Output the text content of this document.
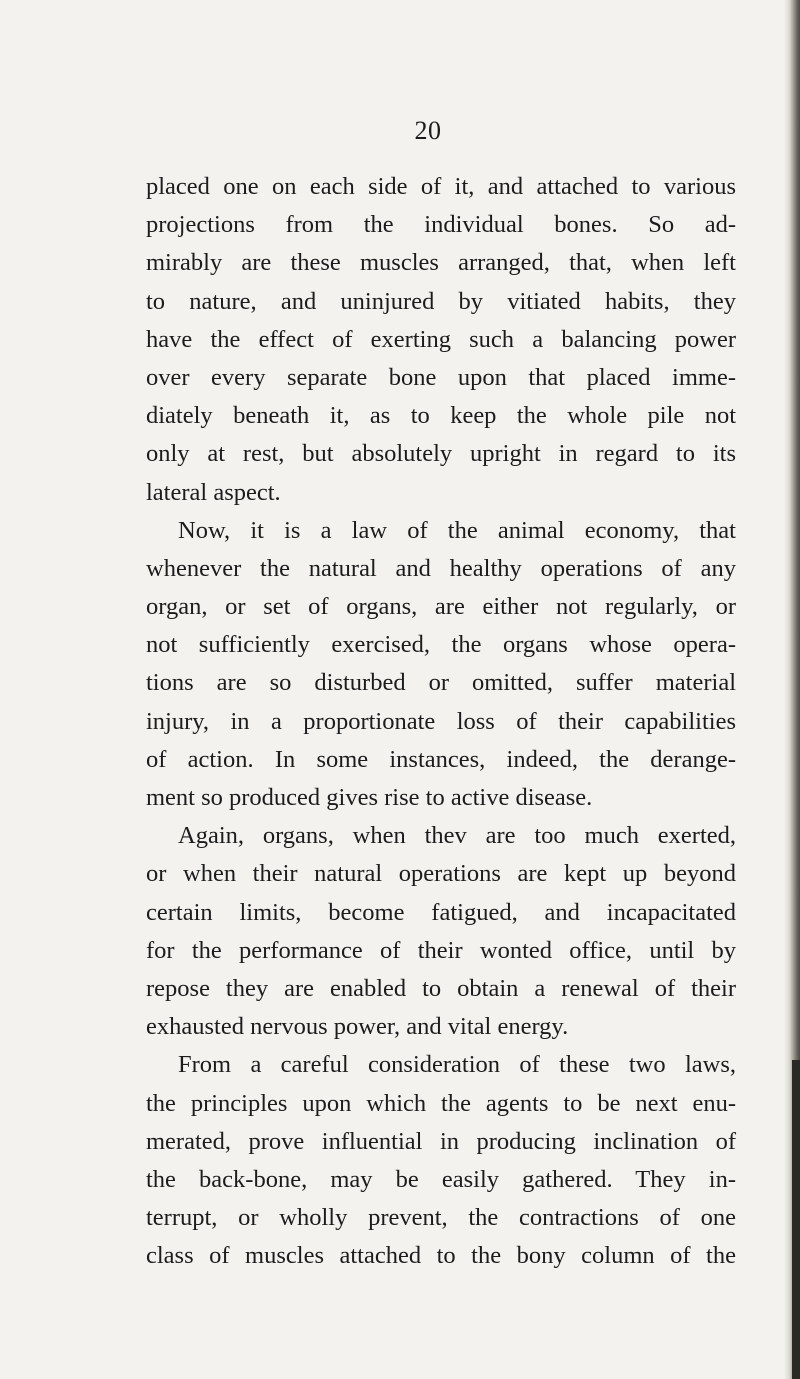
20
placed one on each side of it, and attached to various
projections from the individual bones. So ad-
mirably are these muscles arranged, that, when left
to nature, and uninjured by vitiated habits, they
have the effect of exerting such a balancing power
over every separate bone upon that placed imme-
diately beneath it, as to keep the whole pile not
only at rest, but absolutely upright in regard to its
lateral aspect.
Now, it is a law of the animal economy, that
whenever the natural and healthy operations of any
organ, or set of organs, are either not regularly, or
not sufficiently exercised, the organs whose opera-
tions are so disturbed or omitted, suffer material
injury, in a proportionate loss of their capabilities
of action. In some instances, indeed, the derange-
ment so produced gives rise to active disease.
Again, organs, when thev are too much exerted,
or when their natural operations are kept up beyond
certain limits, become fatigued, and incapacitated
for the performance of their wonted office, until by
repose they are enabled to obtain a renewal of their
exhausted nervous power, and vital energy.
From a careful consideration of these two laws,
the principles upon which the agents to be next enu-
merated, prove influential in producing inclination of
the back-bone, may be easily gathered. They in-
terrupt, or wholly prevent, the contractions of one
class of muscles attached to the bony column of the
